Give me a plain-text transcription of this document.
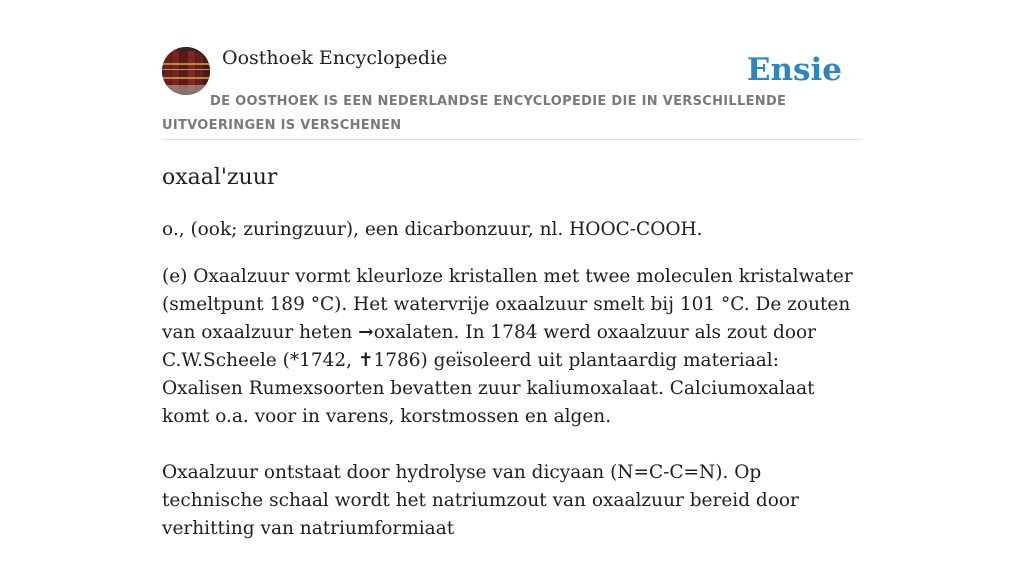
Oosthoek Encyclopedie	Ensie
DE OOSTHOEK IS EEN NEDERLANDSE ENCYCLOPEDIE DIE IN VERSCHILLENDE UITVOERINGEN IS VERSCHENEN
oxaal'zuur

o., (ook; zuringzuur), een dicarbonzuur, nl. HOOC-COOH.

(e) Oxaalzuur vormt kleurloze kristallen met twee moleculen kristalwater (smeltpunt 189 °C). Het watervrije oxaalzuur smelt bij 101 °C. De zouten van oxaalzuur heten →oxalaten. In 1784 werd oxaalzuur als zout door C.W.Scheele (*1742, ✝1786) geïsoleerd uit plantaardig materiaal: Oxalisen Rumexsoorten bevatten zuur kaliumoxalaat. Calciumoxalaat komt o.a. voor in varens, korstmossen en algen.

Oxaalzuur ontstaat door hydrolyse van dicyaan (N=C-C=N). Op technische schaal wordt het natriumzout van oxaalzuur bereid door verhitting van natriumformiaat
